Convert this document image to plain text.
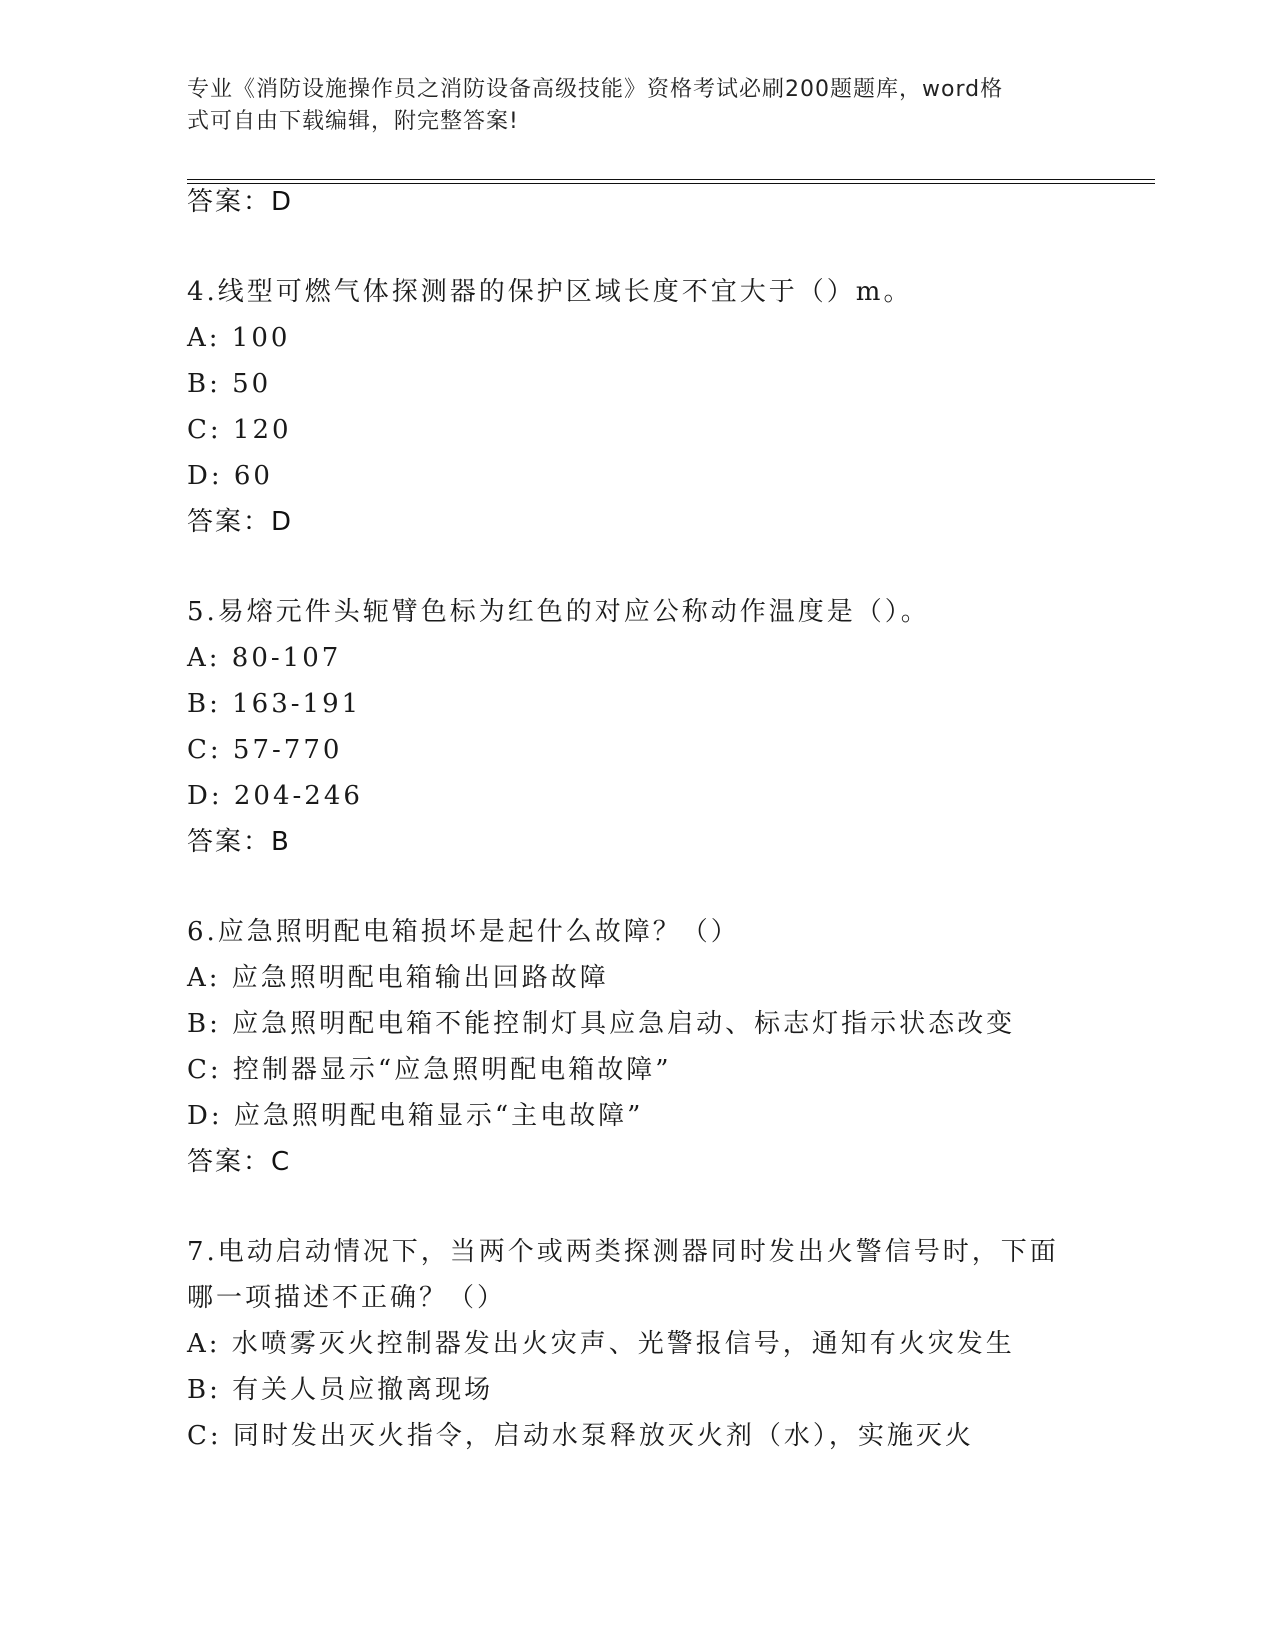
专业《消防设施操作员之消防设备高级技能》资格考试必刷200题题库，word格
式可自由下载编辑，附完整答案!
答案：D
4.线型可燃气体探测器的保护区域长度不宜大于（）m。
A: 100
B: 50
C: 120
D: 60
答案：D
5.易熔元件头轭臂色标为红色的对应公称动作温度是（）。
A: 80-107
B: 163-191
C: 57-770
D: 204-246
答案：B
6.应急照明配电箱损坏是起什么故障？（）
A: 应急照明配电箱输出回路故障
B: 应急照明配电箱不能控制灯具应急启动、标志灯指示状态改变
C: 控制器显示“应急照明配电箱故障”
D: 应急照明配电箱显示“主电故障”
答案：C
7.电动启动情况下，当两个或两类探测器同时发出火警信号时，下面
哪一项描述不正确？（）
A: 水喷雾灭火控制器发出火灾声、光警报信号，通知有火灾发生
B: 有关人员应撤离现场
C: 同时发出灭火指令，启动水泵释放灭火剂（水），实施灭火
